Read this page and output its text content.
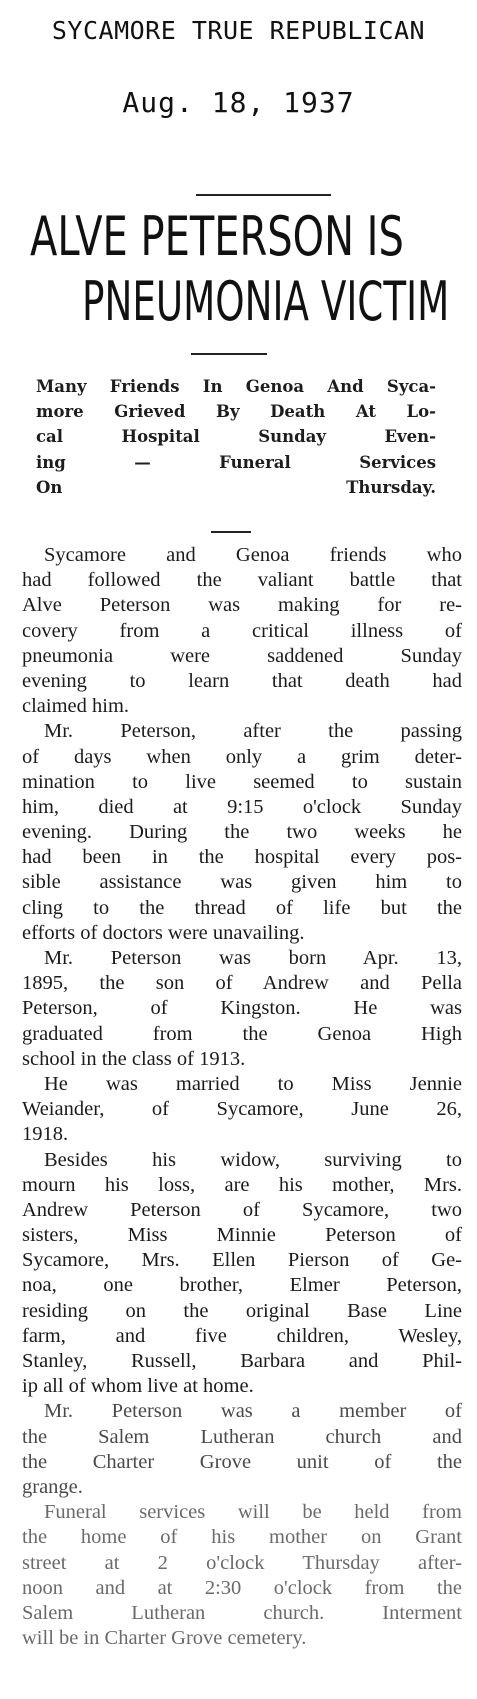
SYCAMORE TRUE REPUBLICAN
Aug. 18, 1937
ALVE PETERSON IS
PNEUMONIA VICTIM
Many Friends In Genoa And Syca-
more Grieved By Death At Lo-
cal Hospital Sunday Even-
ing — Funeral Services
On Thursday.
Sycamore and Genoa friends who
had followed the valiant battle that
Alve Peterson was making for re-
covery from a critical illness of
pneumonia were saddened Sunday
evening to learn that death had
claimed him.
Mr. Peterson, after the passing
of days when only a grim deter-
mination to live seemed to sustain
him, died at 9:15 o'clock Sunday
evening. During the two weeks he
had been in the hospital every pos-
sible assistance was given him to
cling to the thread of life but the
efforts of doctors were unavailing.
Mr. Peterson was born Apr. 13,
1895, the son of Andrew and Pella
Peterson, of Kingston. He was
graduated from the Genoa High
school in the class of 1913.
He was married to Miss Jennie
Weiander, of Sycamore, June 26,
1918.
Besides his widow, surviving to
mourn his loss, are his mother, Mrs.
Andrew Peterson of Sycamore, two
sisters, Miss Minnie Peterson of
Sycamore, Mrs. Ellen Pierson of Ge-
noa, one brother, Elmer Peterson,
residing on the original Base Line
farm, and five children, Wesley,
Stanley, Russell, Barbara and Phil-
ip all of whom live at home.
Mr. Peterson was a member of
the Salem Lutheran church and
the Charter Grove unit of the
grange.
Funeral services will be held from
the home of his mother on Grant
street at 2 o'clock Thursday after-
noon and at 2:30 o'clock from the
Salem Lutheran church. Interment
will be in Charter Grove cemetery.
